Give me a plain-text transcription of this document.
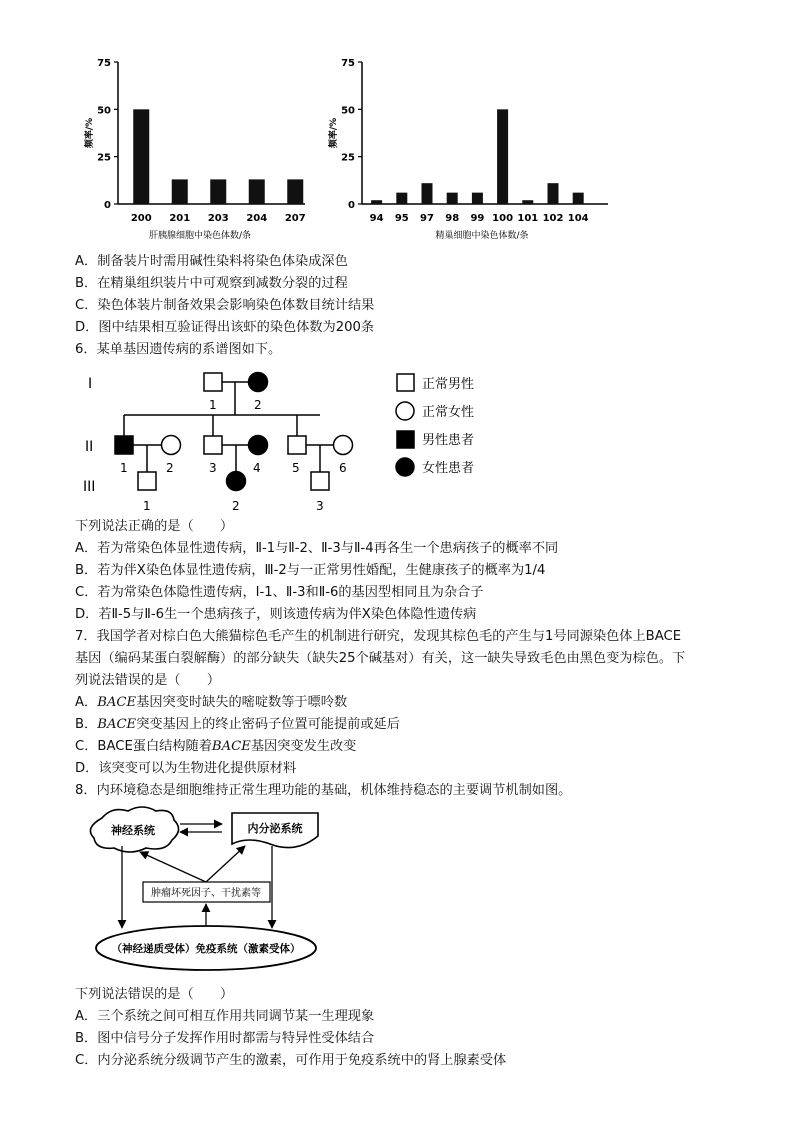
0
25
50
75
200 201 203 204 207
频率/%
肝胰腺细胞中染色体数/条
0
25
50
75
94 95 97 98 99 100 101 102 104
频率/%
精巢细胞中染色体数/条
A．制备装片时需用碱性染料将染色体染成深色
B．在精巢组织装片中可观察到减数分裂的过程
C．染色体装片制备效果会影响染色体数目统计结果
D．图中结果相互验证得出该虾的染色体数为200条
6．某单基因遗传病的系谱图如下。
I
II
III
1	2
1	2	3	4	5	6
1	2	3
正常男性
正常女性
男性患者
女性患者
下列说法正确的是（　　）
A．若为常染色体显性遗传病，Ⅱ-1与Ⅱ-2、Ⅱ-3与Ⅱ-4再各生一个患病孩子的概率不同
B．若为伴X染色体显性遗传病，Ⅲ-2与一正常男性婚配，生健康孩子的概率为1/4
C．若为常染色体隐性遗传病，Ⅰ-1、Ⅱ-3和Ⅱ-6的基因型相同且为杂合子
D．若Ⅱ-5与Ⅱ-6生一个患病孩子，则该遗传病为伴X染色体隐性遗传病
7．我国学者对棕白色大熊猫棕色毛产生的机制进行研究，发现其棕色毛的产生与1号同源染色体上BACE
基因（编码某蛋白裂解酶）的部分缺失（缺失25个碱基对）有关，这一缺失导致毛色由黑色变为棕色。下
列说法错误的是（　　）
A．BACE基因突变时缺失的嘧啶数等于嘌呤数
B．BACE突变基因上的终止密码子位置可能提前或延后
C．BACE蛋白结构随着BACE基因突变发生改变
D．该突变可以为生物进化提供原材料
8．内环境稳态是细胞维持正常生理功能的基础，机体维持稳态的主要调节机制如图。
神经系统	内分泌系统
肿瘤坏死因子、干扰素等
（神经递质受体）免疫系统（激素受体）
下列说法错误的是（　　）
A．三个系统之间可相互作用共同调节某一生理现象
B．图中信号分子发挥作用时都需与特异性受体结合
C．内分泌系统分级调节产生的激素，可作用于免疫系统中的肾上腺素受体
